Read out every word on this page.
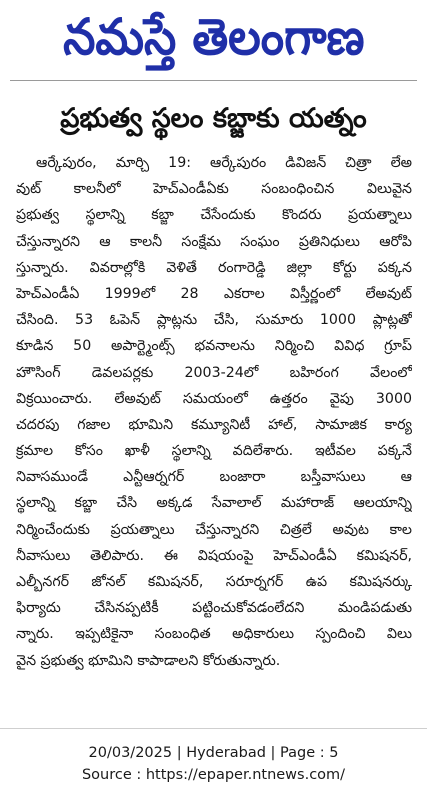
నమస్తే తెలంగాణ
ప్రభుత్వ స్థలం కబ్జాకు యత్నం
ఆర్కేపురం, మార్చి 19: ఆర్కేపురం డివిజన్ చిత్రా లేఅ
వుట్ కాలనీలో హెచ్ఎండీఏకు సంబంధించిన విలువైన
ప్రభుత్వ స్థలాన్ని కబ్జా చేసేందుకు కొందరు ప్రయత్నాలు
చేస్తున్నారని ఆ కాలనీ సంక్షేమ సంఘం ప్రతినిధులు ఆరోపి
స్తున్నారు. వివరాల్లోకి వెళితే రంగారెడ్డి జిల్లా కోర్టు పక్కన
హెచ్ఎండీఏ 1999లో 28 ఎకరాల విస్తీర్ణంలో లేఅవుట్
చేసింది. 53 ఓపెన్ ప్లాట్లను చేసి, సుమారు 1000 ప్లాట్లతో
కూడిన 50 అపార్ట్మెంట్స్ భవనాలను నిర్మించి వివిధ గ్రూప్
హౌసింగ్ డెవలపర్లకు 2003-24లో బహిరంగ వేలంలో
విక్రయించారు. లేఅవుట్ సమయంలో ఉత్తరం వైపు 3000
చదరపు గజాల భూమిని కమ్యూనిటీ హాల్, సామాజిక కార్య
క్రమాల కోసం ఖాళీ స్థలాన్ని వదిలేశారు. ఇటీవల పక్కనే
నివాసముండే ఎన్టీఆర్నగర్ బంజారా బస్తీవాసులు ఆ
స్థలాన్ని కబ్జా చేసి అక్కడ సేవాలాల్ మహారాజ్ ఆలయాన్ని
నిర్మించేందుకు ప్రయత్నాలు చేస్తున్నారని చిత్రలే అవుట కాల
నీవాసులు తెలిపారు. ఈ విషయంపై హెచ్ఎండీఏ కమిషనర్,
ఎల్బీనగర్ జోనల్ కమిషనర్, సరూర్నగర్ ఉప కమిషనర్కు
ఫిర్యాదు చేసినప్పటికీ పట్టించుకోవడంలేదని మండిపడుతు
న్నారు. ఇప్పటికైనా సంబంధిత అధికారులు స్పందించి విలు
వైన ప్రభుత్వ భూమిని కాపాడాలని కోరుతున్నారు.

20/03/2025 | Hyderabad | Page : 5
Source : https://epaper.ntnews.com/
